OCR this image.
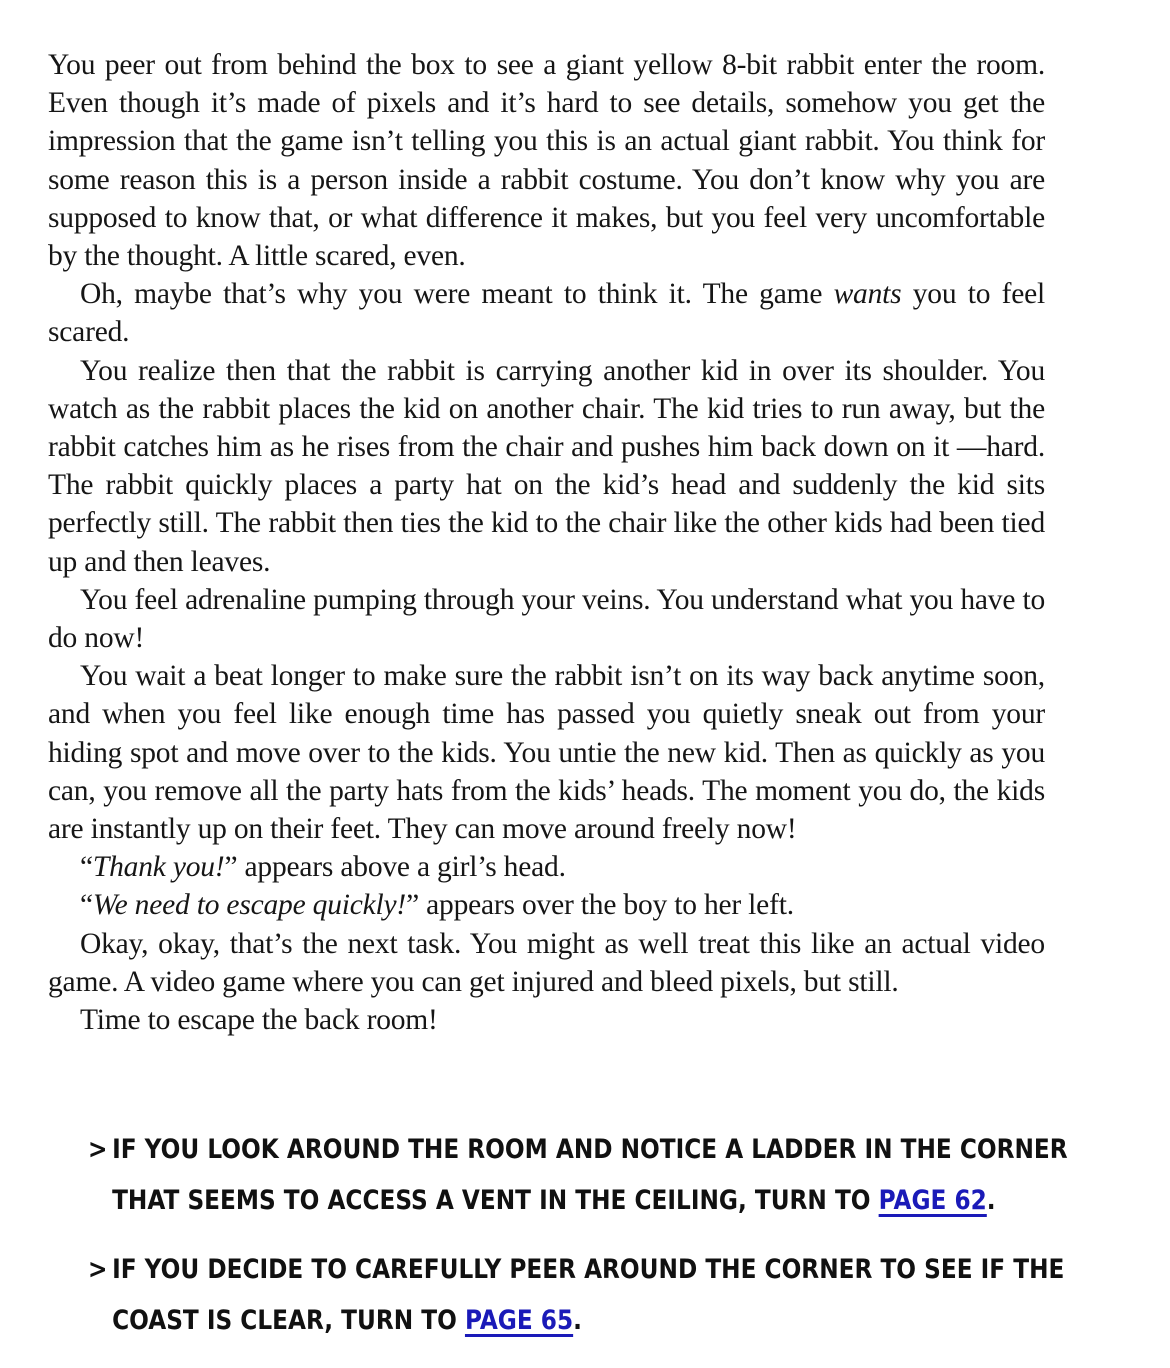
You peer out from behind the box to see a giant yellow 8-bit rabbit enter the room. Even though it’s made of pixels and it’s hard to see details, somehow you get the impression that the game isn’t telling you this is an actual giant rabbit. You think for some reason this is a person inside a rabbit costume. You don’t know why you are supposed to know that, or what difference it makes, but you feel very uncomfortable by the thought. A little scared, even.

Oh, maybe that’s why you were meant to think it. The game wants you to feel scared.

You realize then that the rabbit is carrying another kid in over its shoulder. You watch as the rabbit places the kid on another chair. The kid tries to run away, but the rabbit catches him as he rises from the chair and pushes him back down on it —hard. The rabbit quickly places a party hat on the kid’s head and suddenly the kid sits perfectly still. The rabbit then ties the kid to the chair like the other kids had been tied up and then leaves.

You feel adrenaline pumping through your veins. You understand what you have to do now!

You wait a beat longer to make sure the rabbit isn’t on its way back anytime soon, and when you feel like enough time has passed you quietly sneak out from your hiding spot and move over to the kids. You untie the new kid. Then as quickly as you can, you remove all the party hats from the kids’ heads. The moment you do, the kids are instantly up on their feet. They can move around freely now!

“Thank you!” appears above a girl’s head.

“We need to escape quickly!” appears over the boy to her left.

Okay, okay, that’s the next task. You might as well treat this like an actual video game. A video game where you can get injured and bleed pixels, but still.

Time to escape the back room!

> IF YOU LOOK AROUND THE ROOM AND NOTICE A LADDER IN THE CORNER
THAT SEEMS TO ACCESS A VENT IN THE CEILING, TURN TO PAGE 62.
> IF YOU DECIDE TO CAREFULLY PEER AROUND THE CORNER TO SEE IF THE
COAST IS CLEAR, TURN TO PAGE 65.
